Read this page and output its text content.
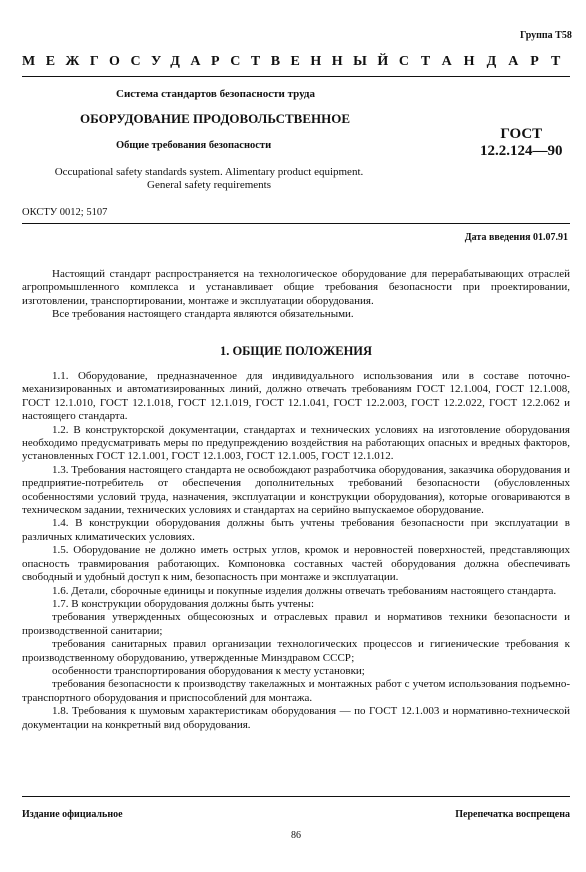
Группа Т58
МЕЖГОСУДАРСТВЕННЫЙ СТАНДАРТ
Система стандартов безопасности труда
ОБОРУДОВАНИЕ ПРОДОВОЛЬСТВЕННОЕ
Общие требования безопасности
ГОСТ
12.2.124—90
Occupational safety standards system. Alimentary product equipment.
General safety requirements
ОКСТУ 0012; 5107
Дата введения 01.07.91

Настоящий стандарт распространяется на технологическое оборудование для перерабатывающих отраслей агропромышленного комплекса и устанавливает общие требования безопасности при проектировании, изготовлении, транспортировании, монтаже и эксплуатации оборудования.

Все требования настоящего стандарта являются обязательными.

1. ОБЩИЕ ПОЛОЖЕНИЯ

1.1. Оборудование, предназначенное для индивидуального использования или в составе поточно-механизированных и автоматизированных линий, должно отвечать требованиям ГОСТ 12.1.004, ГОСТ 12.1.008, ГОСТ 12.1.010, ГОСТ 12.1.018, ГОСТ 12.1.019, ГОСТ 12.1.041, ГОСТ 12.2.003, ГОСТ 12.2.022, ГОСТ 12.2.062 и настоящего стандарта.

1.2. В конструкторской документации, стандартах и технических условиях на изготовление оборудования необходимо предусматривать меры по предупреждению воздействия на работающих опасных и вредных факторов, установленных ГОСТ 12.1.001, ГОСТ 12.1.003, ГОСТ 12.1.005, ГОСТ 12.1.012.

1.3. Требования настоящего стандарта не освобождают разработчика оборудования, заказчика оборудования и предприятие-потребитель от обеспечения дополнительных требований безопасности (обусловленных особенностями условий труда, назначения, эксплуатации и конструкции оборудования), которые оговариваются в техническом задании, технических условиях и стандартах на серийно выпускаемое оборудование.

1.4. В конструкции оборудования должны быть учтены требования безопасности при эксплуатации в различных климатических условиях.

1.5. Оборудование не должно иметь острых углов, кромок и неровностей поверхностей, представляющих опасность травмирования работающих. Компоновка составных частей оборудования должна обеспечивать свободный и удобный доступ к ним, безопасность при монтаже и эксплуатации.

1.6. Детали, сборочные единицы и покупные изделия должны отвечать требованиям настоящего стандарта.

1.7. В конструкции оборудования должны быть учтены:

требования утвержденных общесоюзных и отраслевых правил и нормативов техники безопасности и производственной санитарии;

требования санитарных правил организации технологических процессов и гигиенические требования к производственному оборудованию, утвержденные Минздравом СССР;

особенности транспортирования оборудования к месту установки;

требования безопасности к производству такелажных и монтажных работ с учетом использования подъемно-транспортного оборудования и приспособлений для монтажа.

1.8. Требования к шумовым характеристикам оборудования — по ГОСТ 12.1.003 и нормативно-технической документации на конкретный вид оборудования.

Издание официальное	Перепечатка воспрещена
86
